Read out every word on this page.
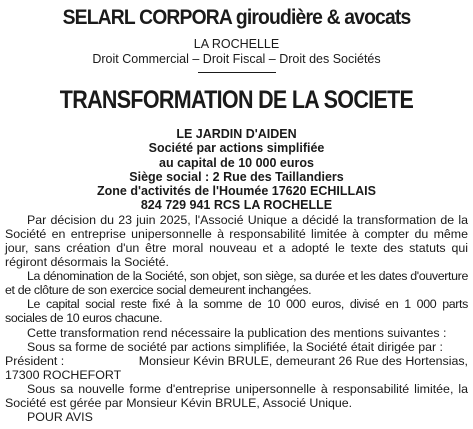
SELARL CORPORA giroudière & avocats
LA ROCHELLE
Droit Commercial – Droit Fiscal – Droit des Sociétés
TRANSFORMATION DE LA SOCIETE
LE JARDIN D'AIDEN
Société par actions simplifiée
au capital de 10 000 euros
Siège social : 2 Rue des Taillandiers
Zone d'activités de l'Houmée 17620 ECHILLAIS
824 729 941 RCS LA ROCHELLE

Par décision du 23 juin 2025, l'Associé Unique a décidé la transformation de la Société en entreprise unipersonnelle à responsabilité limitée à compter du même jour, sans création d'un être moral nouveau et a adopté le texte des statuts qui régiront désormais la Société.

La dénomination de la Société, son objet, son siège, sa durée et les dates d'ouverture et de clôture de son exercice social demeurent inchangées.

Le capital social reste fixé à la somme de 10 000 euros, divisé en 1 000 parts sociales de 10 euros chacune.

Cette transformation rend nécessaire la publication des mentions suivantes :

Sous sa forme de société par actions simplifiée, la Société était dirigée par :

Président :	Monsieur Kévin BRULE, demeurant 26 Rue des Hortensias,
17300 ROCHEFORT

Sous sa nouvelle forme d'entreprise unipersonnelle à responsabilité limitée, la Société est gérée par Monsieur Kévin BRULE, Associé Unique.

POUR AVIS
